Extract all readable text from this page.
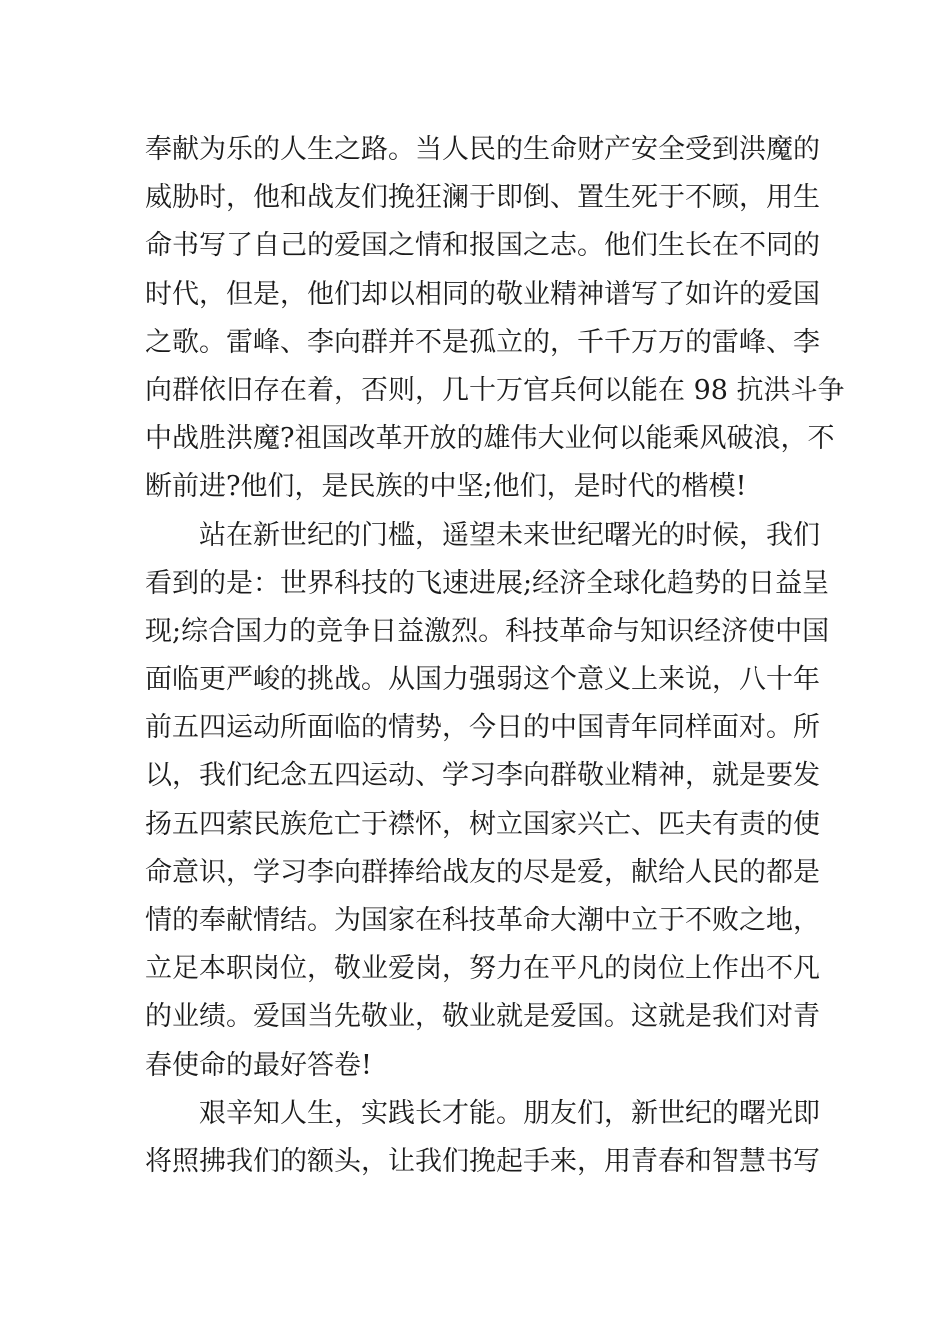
奉献为乐的人生之路。当人民的生命财产安全受到洪魔的
威胁时，他和战友们挽狂澜于即倒、置生死于不顾，用生
命书写了自己的爱国之情和报国之志。他们生长在不同的
时代，但是，他们却以相同的敬业精神谱写了如许的爱国
之歌。雷峰、李向群并不是孤立的，千千万万的雷峰、李
向群依旧存在着，否则，几十万官兵何以能在 98 抗洪斗争
中战胜洪魔?祖国改革开放的雄伟大业何以能乘风破浪，不
断前进?他们，是民族的中坚;他们，是时代的楷模!
站在新世纪的门槛，遥望未来世纪曙光的时候，我们
看到的是：世界科技的飞速进展;经济全球化趋势的日益呈
现;综合国力的竞争日益激烈。科技革命与知识经济使中国
面临更严峻的挑战。从国力强弱这个意义上来说，八十年
前五四运动所面临的情势，今日的中国青年同样面对。所
以，我们纪念五四运动、学习李向群敬业精神，就是要发
扬五四萦民族危亡于襟怀，树立国家兴亡、匹夫有责的使
命意识，学习李向群捧给战友的尽是爱，献给人民的都是
情的奉献情结。为国家在科技革命大潮中立于不败之地，
立足本职岗位，敬业爱岗，努力在平凡的岗位上作出不凡
的业绩。爱国当先敬业，敬业就是爱国。这就是我们对青
春使命的最好答卷!
艰辛知人生，实践长才能。朋友们，新世纪的曙光即
将照拂我们的额头，让我们挽起手来，用青春和智慧书写
